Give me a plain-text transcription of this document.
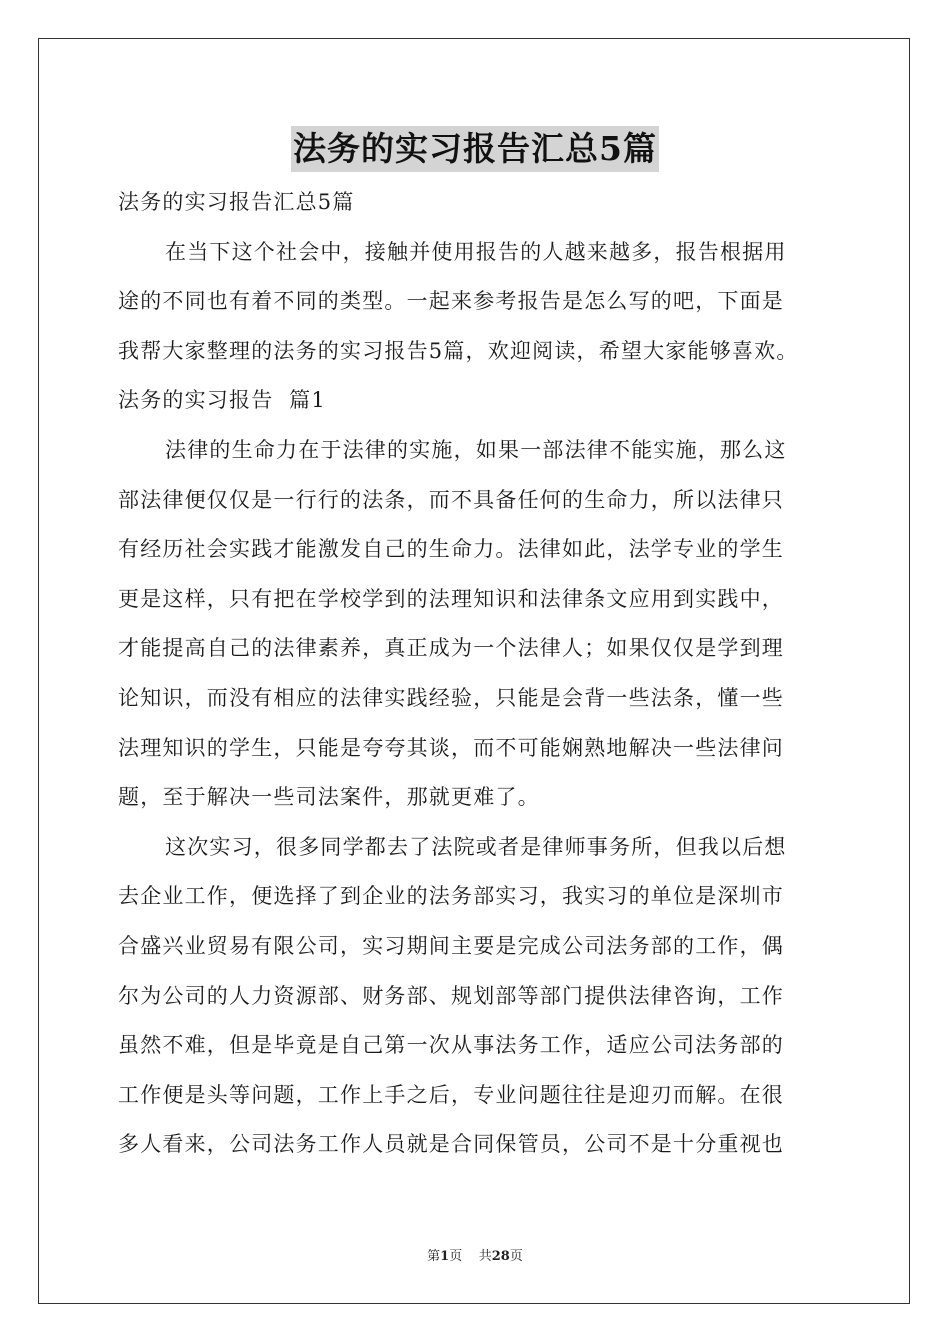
法务的实习报告汇总5篇
法务的实习报告汇总5篇
在当下这个社会中，接触并使用报告的人越来越多，报告根据用
途的不同也有着不同的类型。一起来参考报告是怎么写的吧，下面是
我帮大家整理的法务的实习报告5篇，欢迎阅读，希望大家能够喜欢。
法务的实习报告  篇1
法律的生命力在于法律的实施，如果一部法律不能实施，那么这
部法律便仅仅是一行行的法条，而不具备任何的生命力，所以法律只
有经历社会实践才能激发自己的生命力。法律如此，法学专业的学生
更是这样，只有把在学校学到的法理知识和法律条文应用到实践中，
才能提高自己的法律素养，真正成为一个法律人；如果仅仅是学到理
论知识，而没有相应的法律实践经验，只能是会背一些法条，懂一些
法理知识的学生，只能是夸夸其谈，而不可能娴熟地解决一些法律问
题，至于解决一些司法案件，那就更难了。
这次实习，很多同学都去了法院或者是律师事务所，但我以后想
去企业工作，便选择了到企业的法务部实习，我实习的单位是深圳市
合盛兴业贸易有限公司，实习期间主要是完成公司法务部的工作，偶
尔为公司的人力资源部、财务部、规划部等部门提供法律咨询，工作
虽然不难，但是毕竟是自己第一次从事法务工作，适应公司法务部的
工作便是头等问题，工作上手之后，专业问题往往是迎刃而解。在很
多人看来，公司法务工作人员就是合同保管员，公司不是十分重视也
第1页    共28页
